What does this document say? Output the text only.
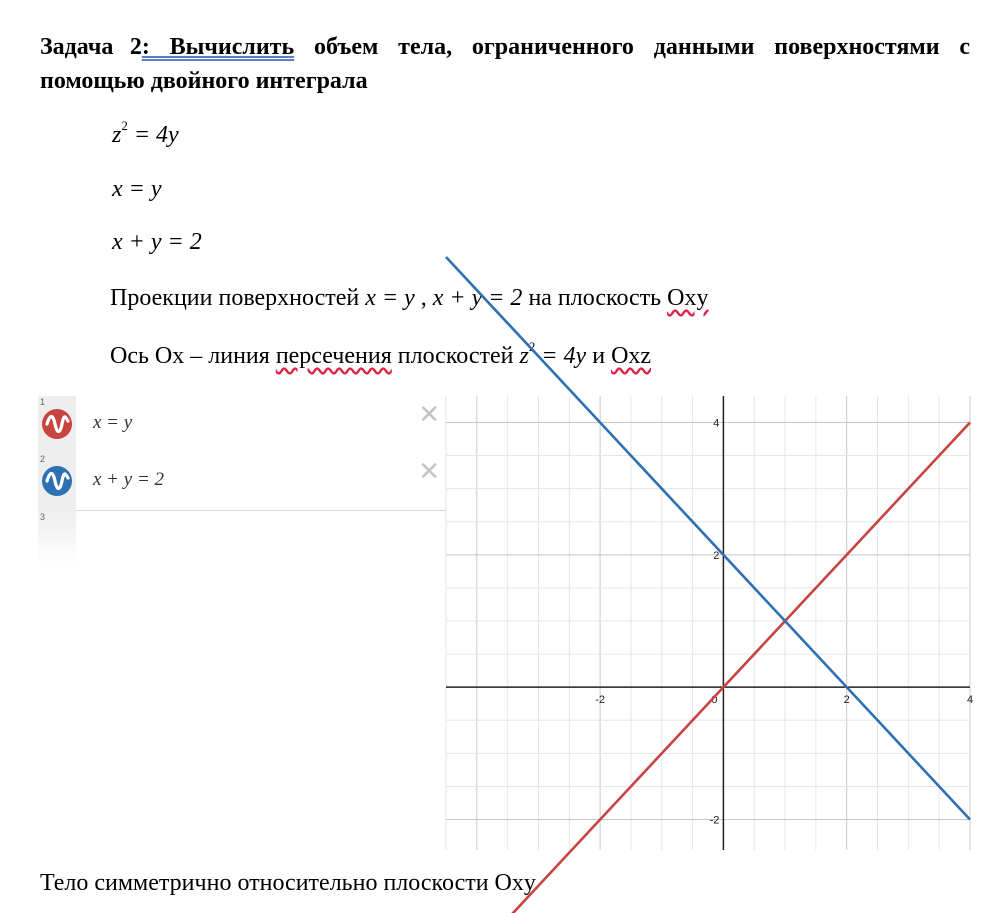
Задача 2: Вычислить объем тела, ограниченного данными поверхностями с помощью двойного интеграла
$z^2 = 4y$
x = y
x + y = 2
Проекции поверхностей x = y , x + y = 2 на плоскость Oxy
Ось Ox – линия персечения плоскостей $z^2 = 4y$ и Oxz
1
x = y	✕
2
x + y = 2	✕
3
-2	0	2	4
-2
2
4
Тело симметрично относительно плоскости Oxy
